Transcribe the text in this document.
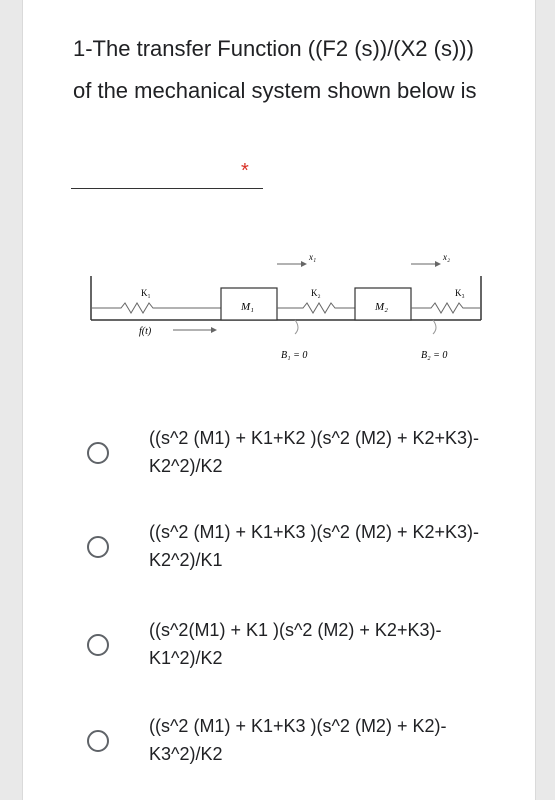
1-The transfer Function ((F2 (s))/(X2 (s))) of the mechanical system shown below is
*
K₁
f(t)
M₁
x₁
K₂
M₂
x₂
K₃
B₁ = 0	B₂ = 0
((s^2 (M1) + K1+K2 )(s^2 (M2) + K2+K3)- K2^2)/K2
((s^2 (M1) + K1+K3 )(s^2 (M2) + K2+K3)- K2^2)/K1
((s^2(M1) + K1 )(s^2 (M2) + K2+K3)- K1^2)/K2
((s^2 (M1) + K1+K3 )(s^2 (M2) + K2)- K3^2)/K2
